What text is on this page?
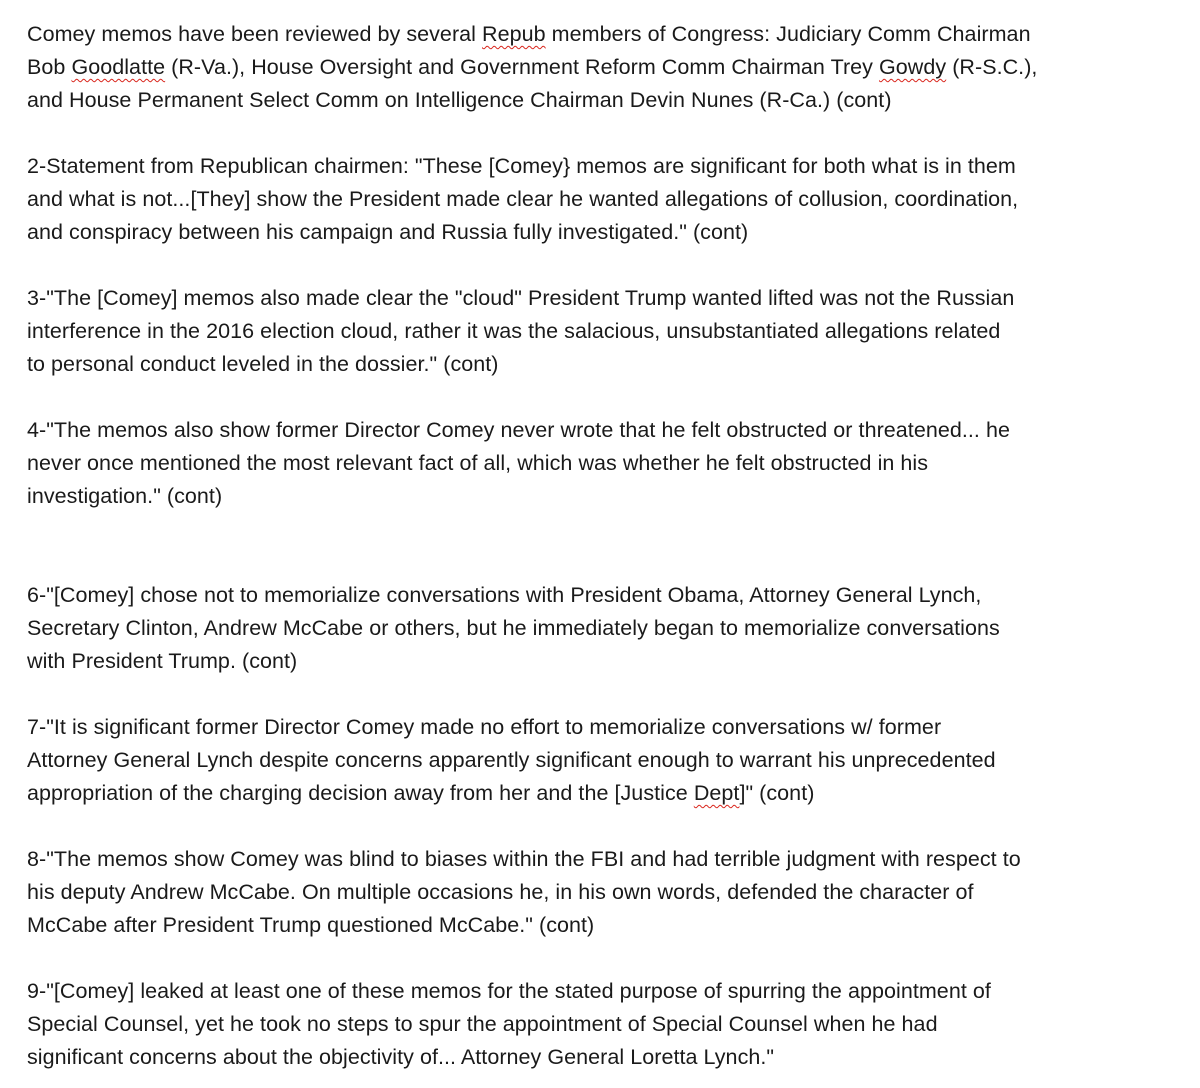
Comey memos have been reviewed by several Repub members of Congress: Judiciary Comm Chairman
Bob Goodlatte (R-Va.), House Oversight and Government Reform Comm Chairman Trey Gowdy (R-S.C.),
and House Permanent Select Comm on Intelligence Chairman Devin Nunes (R-Ca.) (cont)
2-Statement from Republican chairmen: "These [Comey} memos are significant for both what is in them
and what is not...[They] show the President made clear he wanted allegations of collusion, coordination,
and conspiracy between his campaign and Russia fully investigated." (cont)
3-"The [Comey] memos also made clear the "cloud" President Trump wanted lifted was not the Russian
interference in the 2016 election cloud, rather it was the salacious, unsubstantiated allegations related
to personal conduct leveled in the dossier." (cont)
4-"The memos also show former Director Comey never wrote that he felt obstructed or threatened... he
never once mentioned the most relevant fact of all, which was whether he felt obstructed in his
investigation." (cont)
6-"[Comey] chose not to memorialize conversations with President Obama, Attorney General Lynch,
Secretary Clinton, Andrew McCabe or others, but he immediately began to memorialize conversations
with President Trump. (cont)
7-"It is significant former Director Comey made no effort to memorialize conversations w/ former
Attorney General Lynch despite concerns apparently significant enough to warrant his unprecedented
appropriation of the charging decision away from her and the [Justice Dept]" (cont)
8-"The memos show Comey was blind to biases within the FBI and had terrible judgment with respect to
his deputy Andrew McCabe. On multiple occasions he, in his own words, defended the character of
McCabe after President Trump questioned McCabe." (cont)
9-"[Comey] leaked at least one of these memos for the stated purpose of spurring the appointment of
Special Counsel, yet he took no steps to spur the appointment of Special Counsel when he had
significant concerns about the objectivity of... Attorney General Loretta Lynch."
